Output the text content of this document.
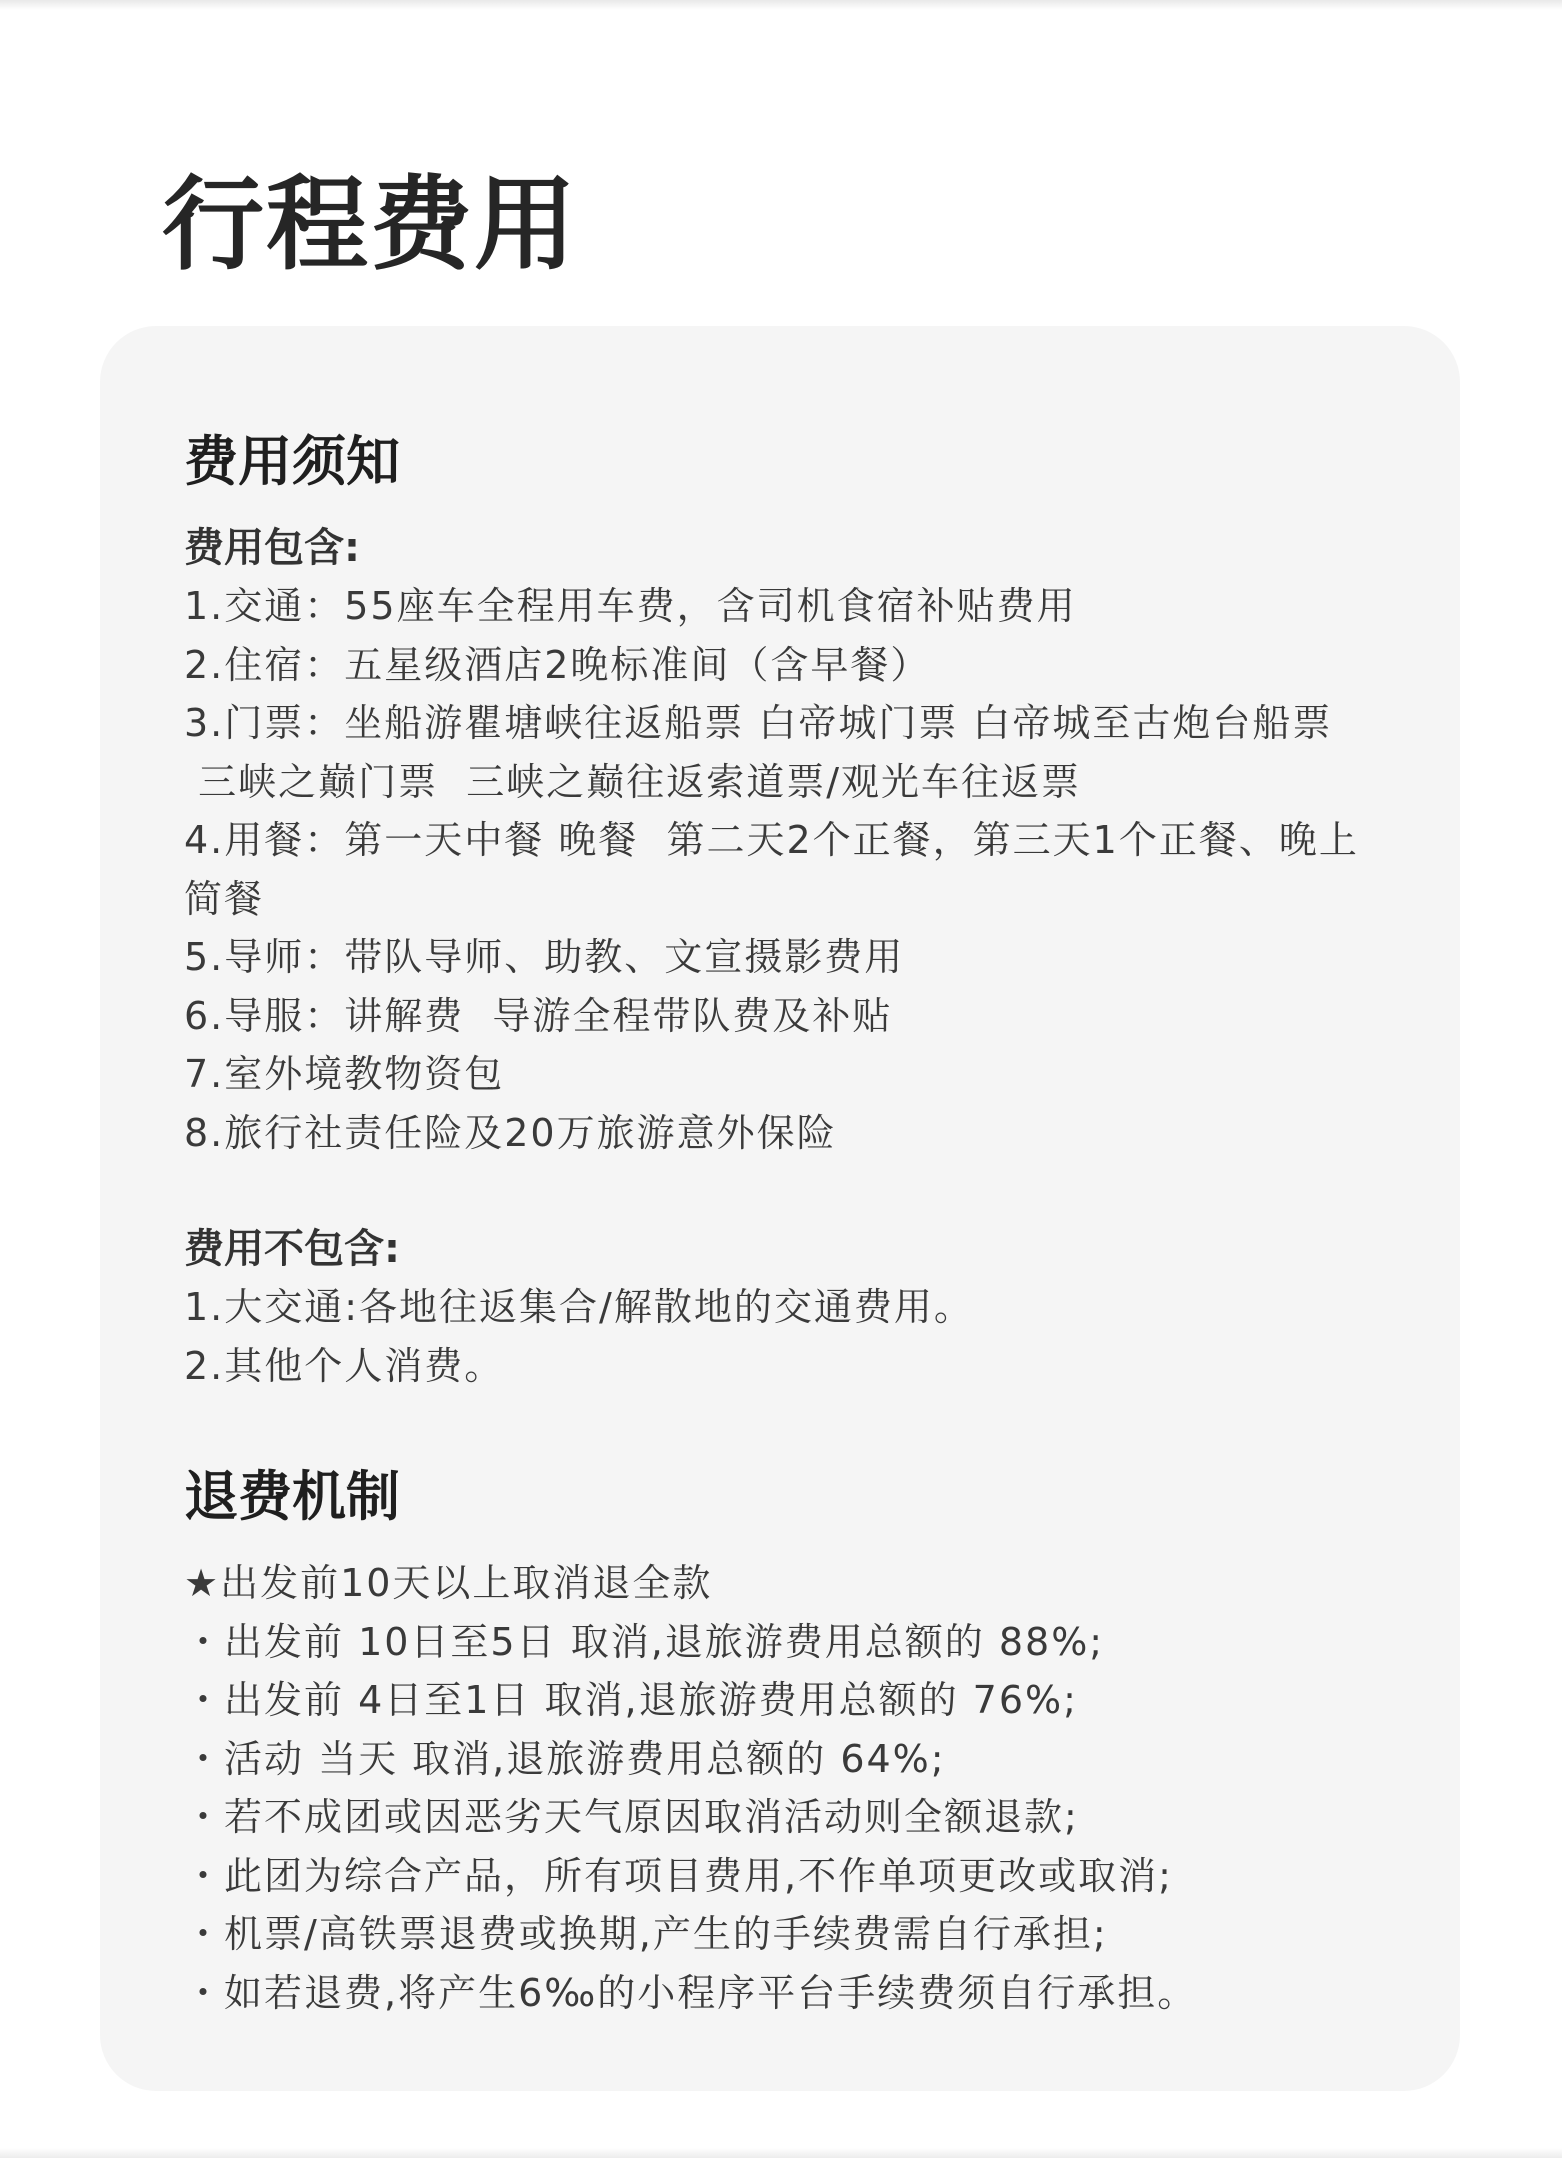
行程费用
费用须知

费用包含:

1.交通：55座车全程用车费，含司机食宿补贴费用

2.住宿：五星级酒店2晚标准间（含早餐）

3.门票：坐船游瞿塘峡往返船票 白帝城门票 白帝城至古炮台船票

三峡之巅门票  三峡之巅往返索道票/观光车往返票

4.用餐：第一天中餐 晚餐  第二天2个正餐，第三天1个正餐、晚上

简餐

5.导师：带队导师、助教、文宣摄影费用

6.导服：讲解费  导游全程带队费及补贴

7.室外境教物资包

8.旅行社责任险及20万旅游意外保险

费用不包含:

1.大交通:各地往返集合/解散地的交通费用。

2.其他个人消费。

退费机制

★出发前10天以上取消退全款

・出发前 10日至5日 取消,退旅游费用总额的 88%;

・出发前 4日至1日 取消,退旅游费用总额的 76%;

・活动 当天 取消,退旅游费用总额的 64%;

・若不成团或因恶劣天气原因取消活动则全额退款;

・此团为综合产品，所有项目费用,不作单项更改或取消;

・机票/高铁票退费或换期,产生的手续费需自行承担;

・如若退费,将产生6‰的小程序平台手续费须自行承担。
